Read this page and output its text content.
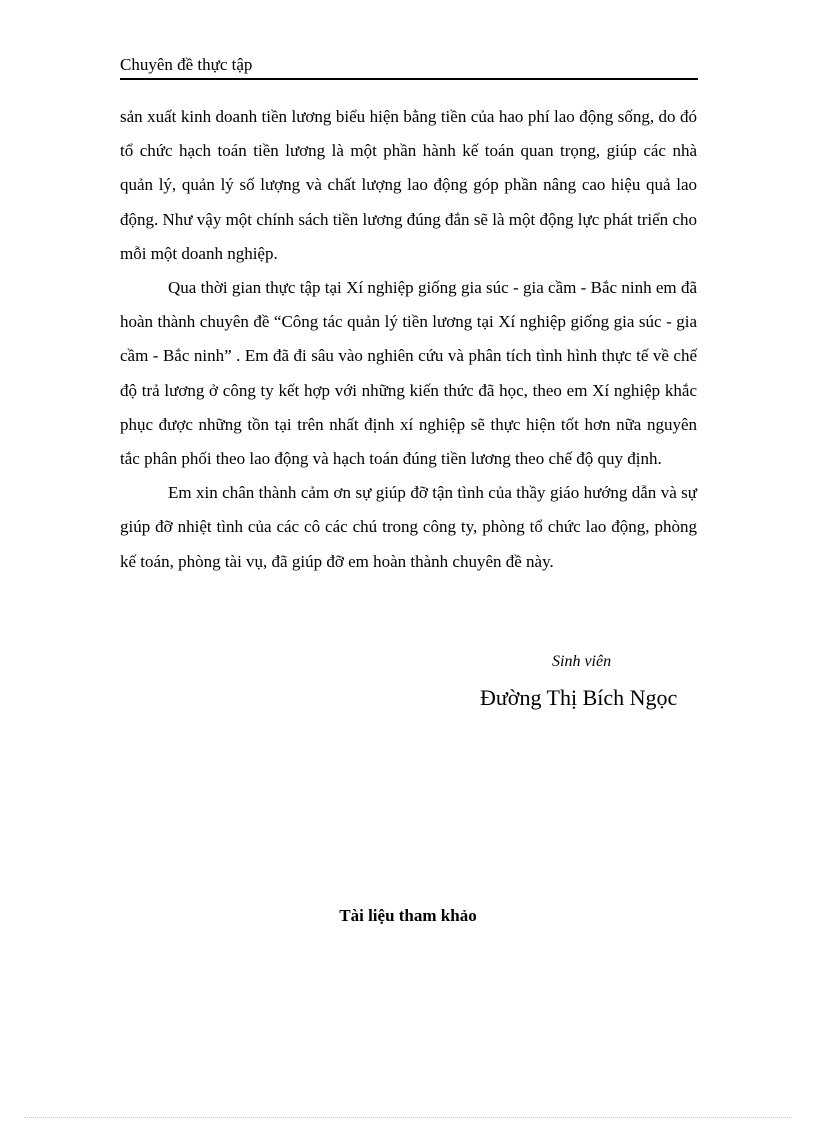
Chuyên đề thực tập

sản xuất kinh doanh tiền lương biểu hiện bằng tiền của hao phí lao động sống, do đó tổ chức hạch toán tiền lương là một phần hành kế toán quan trọng, giúp các nhà quản lý, quản lý số lượng và chất lượng lao động góp phần nâng cao hiệu quả lao động. Như vậy một chính sách tiền lương đúng đắn sẽ là một động lực phát triển cho mỗi một doanh nghiệp.

Qua thời gian thực tập tại Xí nghiệp giống gia súc - gia cầm - Bắc ninh em đã hoàn thành chuyên đề “Công tác quản lý tiền lương tại Xí nghiệp giống gia súc - gia cầm - Bắc ninh” . Em đã đi sâu vào nghiên cứu và phân tích tình hình thực tế về chế độ trả lương ở công ty kết hợp với những kiến thức đã học, theo em Xí nghiệp khắc phục được những tồn tại trên nhất định xí nghiệp sẽ thực hiện tốt hơn nữa nguyên tắc phân phối theo lao động và hạch toán đúng tiền lương theo chế độ quy định.

Em xin chân thành cảm ơn sự giúp đỡ tận tình của thầy giáo hướng dẫn và sự giúp đỡ nhiệt tình của các cô các chú trong công ty, phòng tổ chức lao động, phòng kế toán, phòng tài vụ, đã giúp đỡ em hoàn thành chuyên đề này.

Sinh viên
Đường Thị Bích Ngọc
Tài liệu tham khảo
